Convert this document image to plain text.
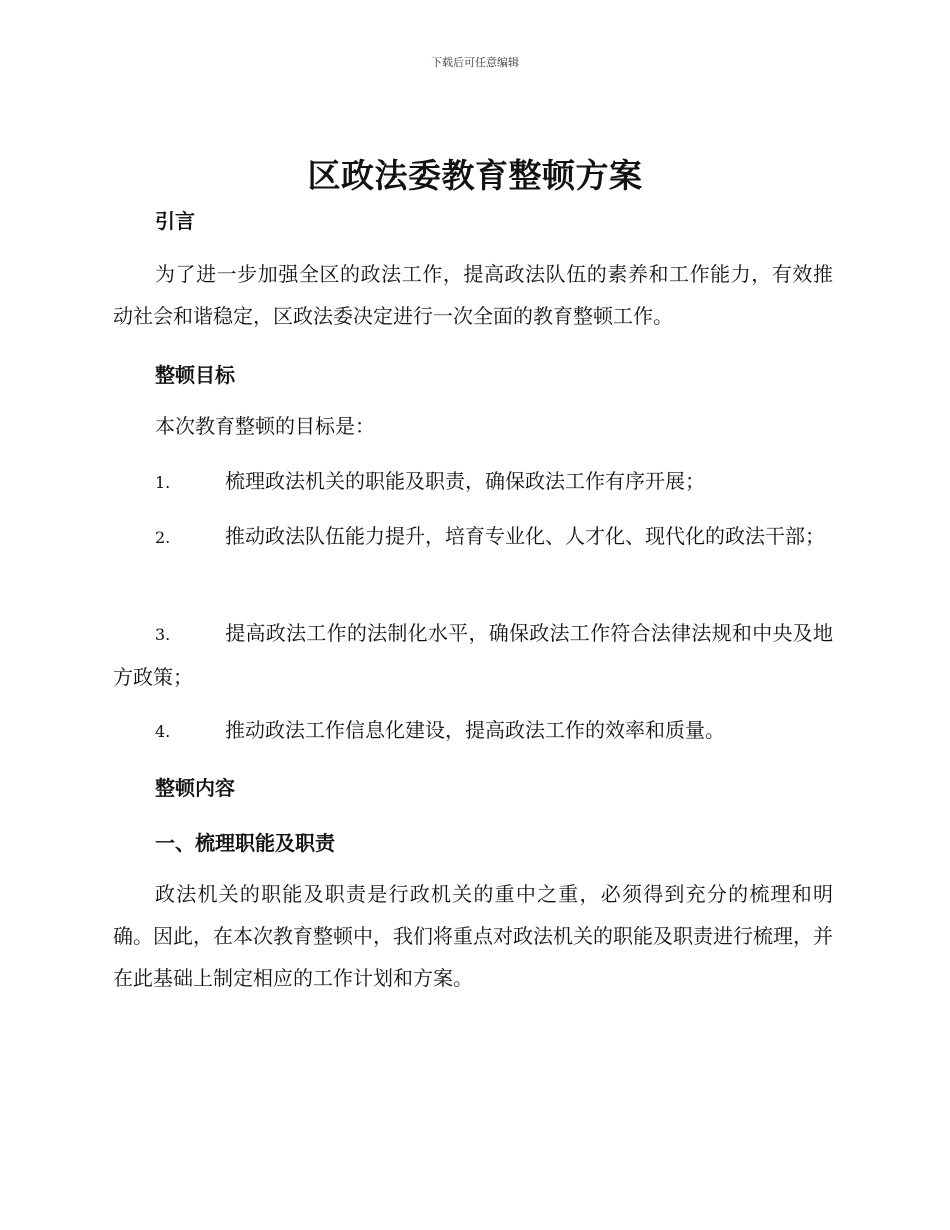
下载后可任意编辑
区政法委教育整顿方案
引言
为了进一步加强全区的政法工作，提高政法队伍的素养和工作能力，有效推动社会和谐稳定，区政法委决定进行一次全面的教育整顿工作。
整顿目标
本次教育整顿的目标是：
1.	梳理政法机关的职能及职责，确保政法工作有序开展；
2.	推动政法队伍能力提升，培育专业化、人才化、现代化的政法干部；
3.	提高政法工作的法制化水平，确保政法工作符合法律法规和中央及地方政策；
4.	推动政法工作信息化建设，提高政法工作的效率和质量。
整顿内容
一、梳理职能及职责
政法机关的职能及职责是行政机关的重中之重，必须得到充分的梳理和明确。因此，在本次教育整顿中，我们将重点对政法机关的职能及职责进行梳理，并在此基础上制定相应的工作计划和方案。
